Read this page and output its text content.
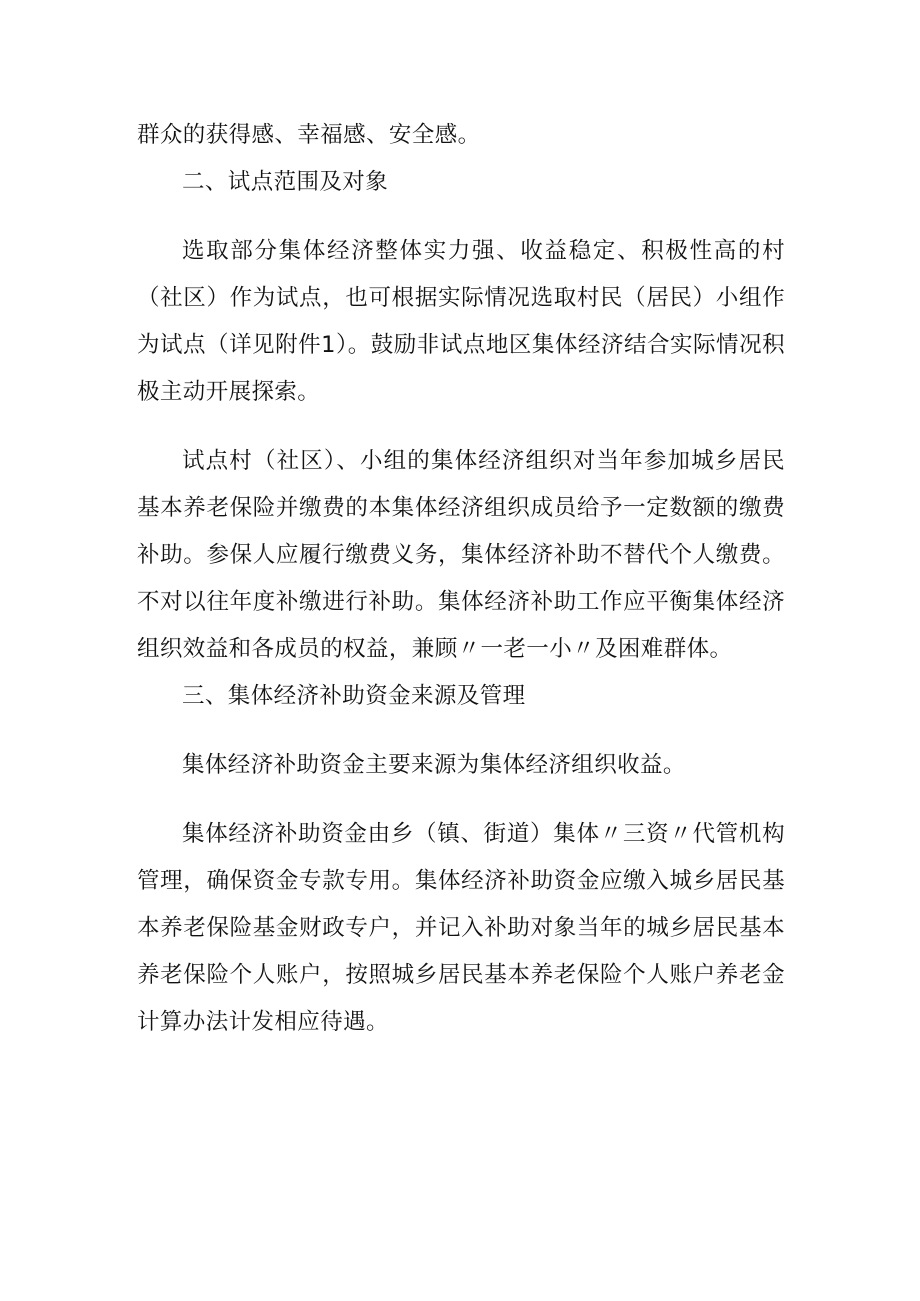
群众的获得感、幸福感、安全感。

二、试点范围及对象

选取部分集体经济整体实力强、收益稳定、积极性高的村（社区）作为试点，也可根据实际情况选取村民（居民）小组作为试点（详见附件1）。鼓励非试点地区集体经济结合实际情况积极主动开展探索。

试点村（社区）、小组的集体经济组织对当年参加城乡居民基本养老保险并缴费的本集体经济组织成员给予一定数额的缴费补助。参保人应履行缴费义务，集体经济补助不替代个人缴费。不对以往年度补缴进行补助。集体经济补助工作应平衡集体经济组织效益和各成员的权益，兼顾〃一老一小〃及困难群体。

三、集体经济补助资金来源及管理

集体经济补助资金主要来源为集体经济组织收益。

集体经济补助资金由乡（镇、街道）集体〃三资〃代管机构管理，确保资金专款专用。集体经济补助资金应缴入城乡居民基本养老保险基金财政专户，并记入补助对象当年的城乡居民基本养老保险个人账户，按照城乡居民基本养老保险个人账户养老金计算办法计发相应待遇。
